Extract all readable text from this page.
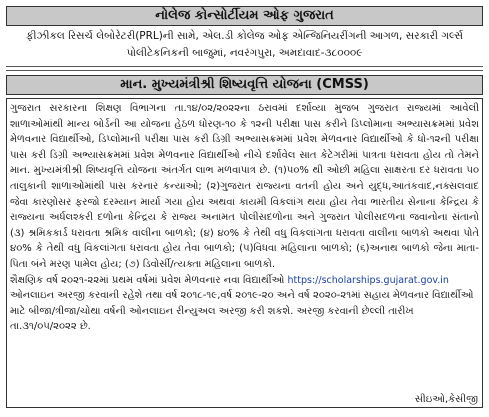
નોલેજ કોન્સોર્ટીયમ ઓફ ગુજરાત
ફીઝીકલ રિસર્ચ લેબોરેટરી(PRL)ની સામે, એલ.ડી કોલેજ ઓફ એન્જિનિયરીંગની આગળ, સરકારી ગર્લ્સ
પોલીટેકનિકની બાજુમાં, નવરંગપુરા, અમદાવાદ-૩૮૦૦૦૯
માન. મુખ્યમંત્રીશ્રી શિષ્યવૃત્તિ યોજના (CMSS)

ગુજરાત સરકારના શિક્ષણ વિભાગના તા.૧૪/૦૨/૨૦૨૨ના ઠરાવમાં દર્શાવ્યા મુજબ ગુજરાત રાજ્યમાં આવેલી શાળાઓમાંથી માન્ય બોર્ડની આ યોજના હેઠળ ધોરણ-૧૦ કે ૧૨ની પરીક્ષા પાસ કરીને ડિપ્લોમાના અભ્યાસક્રમમાં પ્રવેશ મેળવનાર વિદ્યાર્થીઓ, ડિપ્લોમાની પરીક્ષા પાસ કરી ડિગ્રી અભ્યાસક્રમમાં પ્રવેશ મેળવનાર વિદ્યાર્થીઓ કે ધો-૧૨ની પરીક્ષા પાસ કરી ડિગ્રી અભ્યાસક્રમમાં પ્રવેશ મેળવનાર વિદ્યાર્થીઓ નીચે દર્શાવેલ સાત કેટેગરીમાં પાત્રતા ધરાવતા હોય તો તેમને માન. મુખ્યમંત્રીશ્રી શિષ્યવૃત્તિ યોજના અંતર્ગત લાભ મળવાપાત્ર છે. (૧)૫૦% થી ઓછી મહિલા સાક્ષરતા દર ધરાવતા ૫૦ તાલુકાની શાળાઓમાંથી પાસ કરનાર કન્યાઓ; (૨)ગુજરાત રાજ્યના વતની હોય અને યુદ્ધ,આતંકવાદ,નક્સલવાદ જેવા કારણોસર ફરજો દરમ્યાન માર્યા ગયા હોય અથવા કાયમી વિકલાંગ થયા હોય તેવા ભારતીય સેનાના કેન્દ્રિય કે રાજ્યના અર્ધલશ્કરી દળોના કેન્દ્રિય કે રાજ્ય અનામત પોલીસદળોના અને ગુજરાત પોલીસદળના જવાનોના સંતાનો (૩) શ્રમિકકાર્ડ ધરાવતા શ્રમિક વાલીના બાળકો; (૪) ૪૦% કે તેથી વધુ વિકલાંગતા ધરાવતા વાલીના બાળકો અથવા પોતે ૪૦% કે તેથી વધુ વિકલાંગતા ધરાવતા હોય તેવા બાળકો; (૫)વિધવા મહિલાના બાળકો; (૬)અનાથ બાળકો જેના માતા-પિતા બંને મરણ પામેલ હોય; (૭) ડિવોર્સી/ત્યક્તા મહિલાના બાળકો.

શૈક્ષણિક વર્ષ ૨૦૨૧-૨૨માં પ્રથમ વર્ષમાં પ્રવેશ મેળવનાર નવા વિદ્યાર્થીઓ https://scholarships.gujarat.gov.in ઓનલાઇન અરજી કરવાની રહેશે તથા વર્ષ ૨૦૧૮-૧૯,વર્ષ ૨૦૧૯-૨૦ અને વર્ષ ૨૦૨૦-૨૧માં સહાય મેળવનાર વિદ્યાર્થીઓ માટે બીજા/ત્રીજા/ચોથા વર્ષની ઓનલાઇન રીન્યુઅલ અરજી કરી શકશે. અરજી કરવાની છેલ્લી તારીખ તા.૩૧/૦૫/૨૦૨૨ છે.

સીઇઓ,કેસીજી
